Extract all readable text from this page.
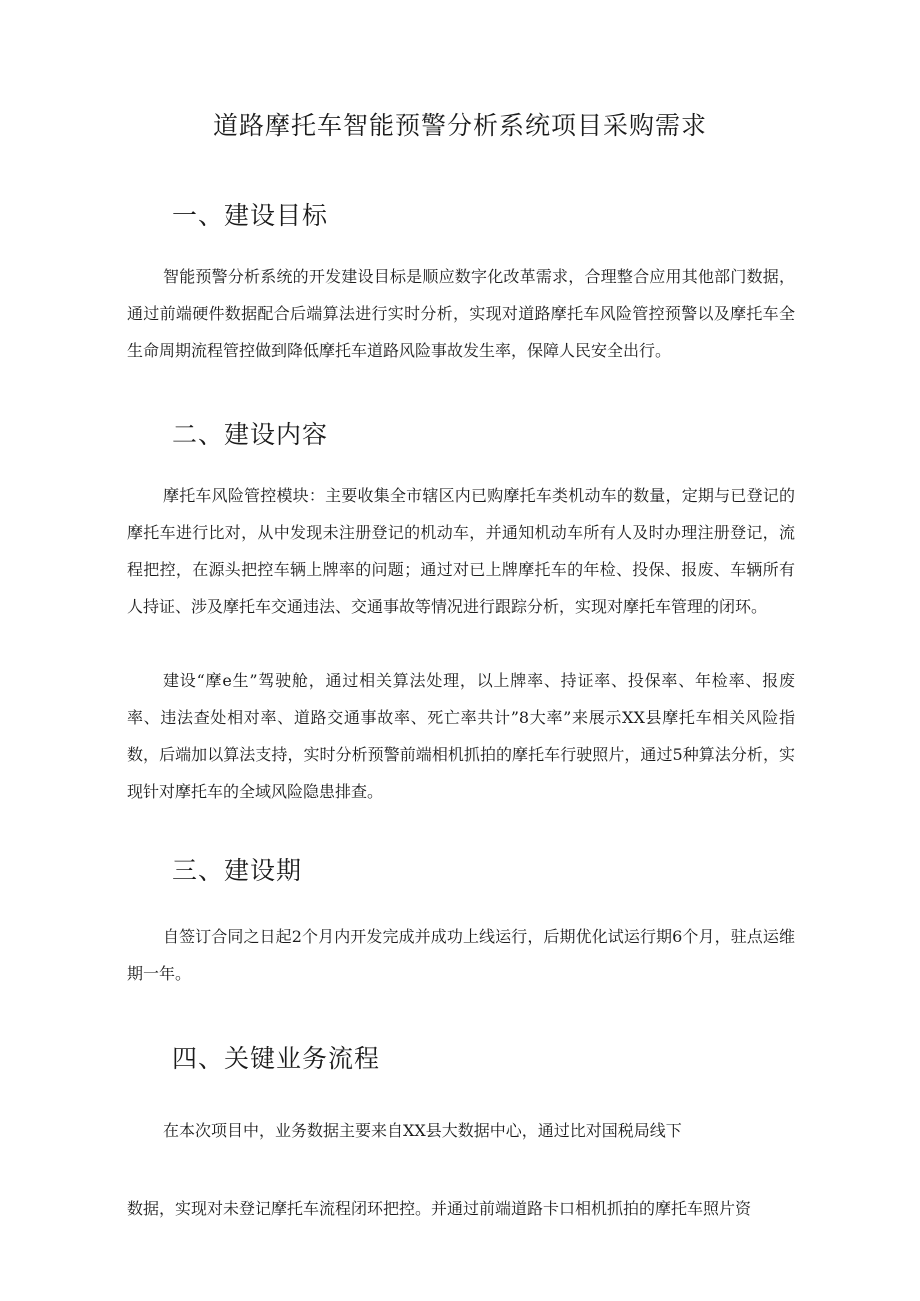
道路摩托车智能预警分析系统项目采购需求
一、建设目标

智能预警分析系统的开发建设目标是顺应数字化改革需求，合理整合应用其他部门数据，通过前端硬件数据配合后端算法进行实时分析，实现对道路摩托车风险管控预警以及摩托车全生命周期流程管控做到降低摩托车道路风险事故发生率，保障人民安全出行。

二、建设内容

摩托车风险管控模块：主要收集全市辖区内已购摩托车类机动车的数量，定期与已登记的摩托车进行比对，从中发现未注册登记的机动车，并通知机动车所有人及时办理注册登记，流程把控，在源头把控车辆上牌率的问题；通过对已上牌摩托车的年检、投保、报废、车辆所有人持证、涉及摩托车交通违法、交通事故等情况进行跟踪分析，实现对摩托车管理的闭环。

建设“摩e生”驾驶舱，通过相关算法处理，以上牌率、持证率、投保率、年检率、报废率、违法查处相对率、道路交通事故率、死亡率共计”8大率”来展示XX县摩托车相关风险指数，后端加以算法支持，实时分析预警前端相机抓拍的摩托车行驶照片，通过5种算法分析，实现针对摩托车的全域风险隐患排查。

三、建设期

自签订合同之日起2个月内开发完成并成功上线运行，后期优化试运行期6个月，驻点运维期一年。

四、关键业务流程

在本次项目中，业务数据主要来自XX县大数据中心，通过比对国税局线下

数据，实现对未登记摩托车流程闭环把控。并通过前端道路卡口相机抓拍的摩托车照片资
